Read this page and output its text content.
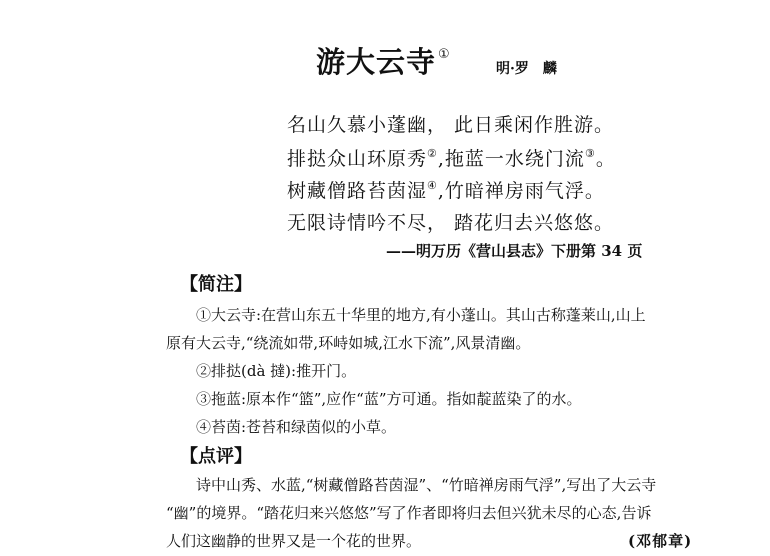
游大云寺 ①
明·罗　麟
名山久慕小蓬幽， 此日乘闲作胜游。
排挞众山环原秀②,拖蓝一水绕门流③。
树藏僧路苔茵湿④,竹暗禅房雨气浮。
无限诗情吟不尽， 踏花归去兴悠悠。
——明万历《营山县志》下册第 34 页
【简注】
①大云寺:在营山东五十华里的地方,有小蓬山。其山古称蓬莱山,山上
原有大云寺,“绕流如带,环峙如城,江水下流”,风景清幽。
②排挞(dà 撻):推开门。
③拖蓝:原本作“篮”,应作“蓝”方可通。指如靛蓝染了的水。
④苔茵:苍苔和绿茵似的小草。
【点评】
诗中山秀、水蓝,“树藏僧路苔茵湿”、“竹暗禅房雨气浮”,写出了大云寺
“幽”的境界。“踏花归来兴悠悠”写了作者即将归去但兴犹未尽的心态,告诉
人们这幽静的世界又是一个花的世界。	(邓郁章)
